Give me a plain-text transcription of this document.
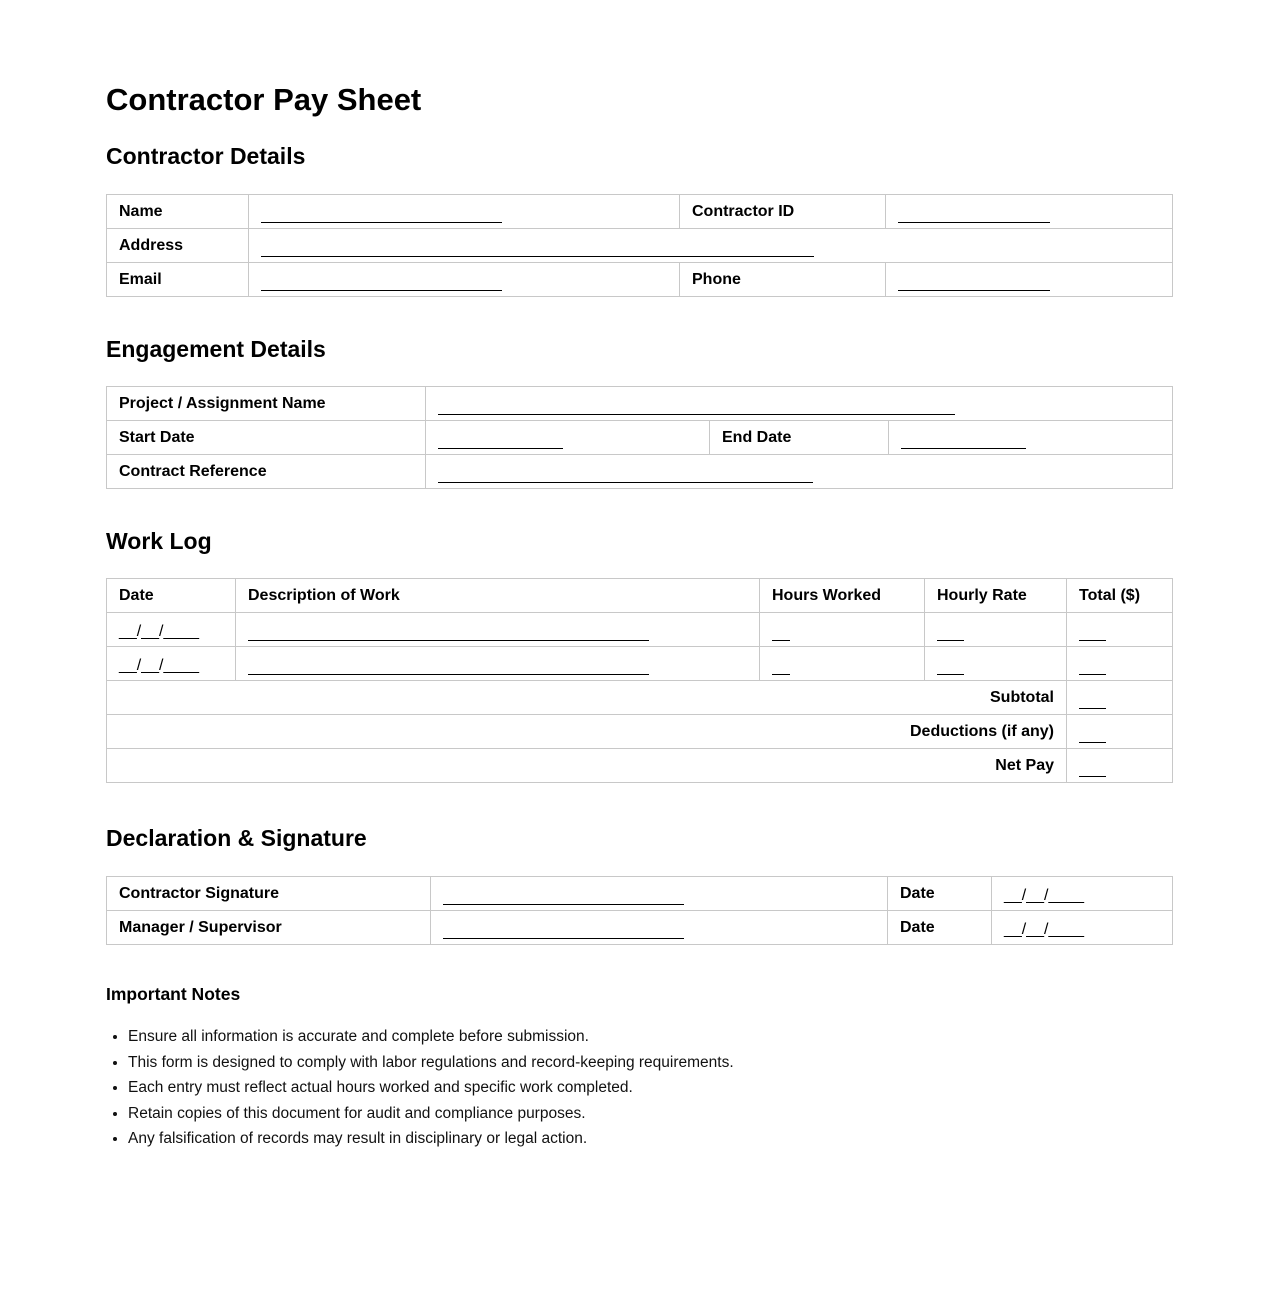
Contractor Pay Sheet
Contractor Details
Name		Contractor ID	
Address			
Email		Phone	
Engagement Details
Project / Assignment Name			
Start Date		End Date	
Contract Reference			
Work Log
Date	Description of Work	Hours Worked	Hourly Rate	Total ($)
__/__/____				
__/__/____				
Subtotal				
Deductions (if any)				
Net Pay				
Declaration & Signature
Contractor Signature		Date	__/__/____
Manager / Supervisor		Date	__/__/____
Important Notes
• Ensure all information is accurate and complete before submission.
• This form is designed to comply with labor regulations and record-keeping requirements.
• Each entry must reflect actual hours worked and specific work completed.
• Retain copies of this document for audit and compliance purposes.
• Any falsification of records may result in disciplinary or legal action.
